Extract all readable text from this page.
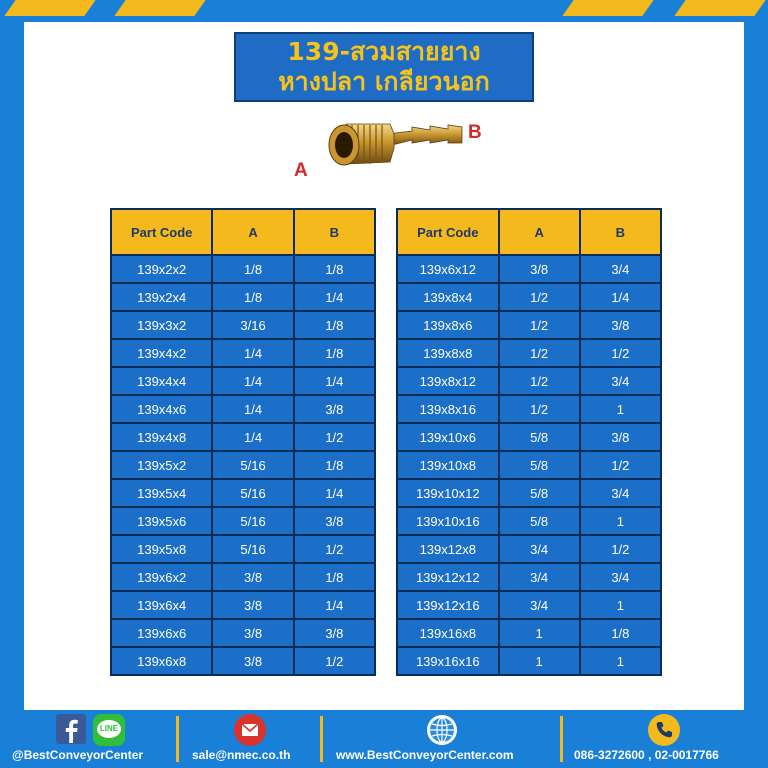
139-สวมสายยาง
หางปลา เกลียวนอก
A
B
Part Code	A	B
139x2x2	1/8	1/8
139x2x4	1/8	1/4
139x3x2	3/16	1/8
139x4x2	1/4	1/8
139x4x4	1/4	1/4
139x4x6	1/4	3/8
139x4x8	1/4	1/2
139x5x2	5/16	1/8
139x5x4	5/16	1/4
139x5x6	5/16	3/8
139x5x8	5/16	1/2
139x6x2	3/8	1/8
139x6x4	3/8	1/4
139x6x6	3/8	3/8
139x6x8	3/8	1/2
Part Code	A	B
139x6x12	3/8	3/4
139x8x4	1/2	1/4
139x8x6	1/2	3/8
139x8x8	1/2	1/2
139x8x12	1/2	3/4
139x8x16	1/2	1
139x10x6	5/8	3/8
139x10x8	5/8	1/2
139x10x12	5/8	3/4
139x10x16	5/8	1
139x12x8	3/4	1/2
139x12x12	3/4	3/4
139x12x16	3/4	1
139x16x8	1	1/8
139x16x16	1	1
LINE
@BestConveyorCenter	sale@nmec.co.th	www.BestConveyorCenter.com	086-3272600 , 02-0017766
